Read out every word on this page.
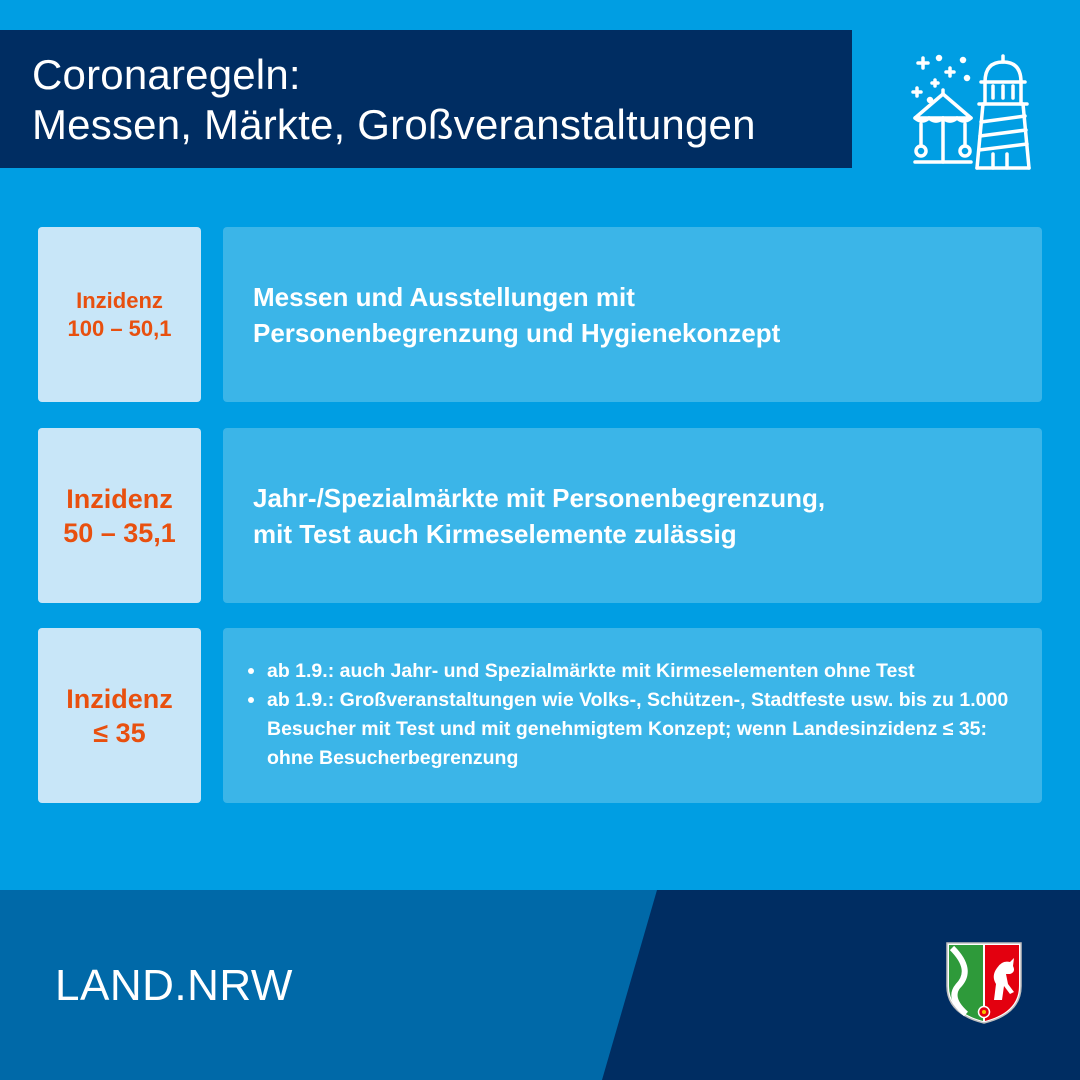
Coronaregeln:
Messen, Märkte, Großveranstaltungen
Inzidenz
100 – 50,1
Messen und Ausstellungen mit
Personenbegrenzung und Hygienekonzept
Inzidenz
50 – 35,1
Jahr-/Spezialmärkte mit Personenbegrenzung,
mit Test auch Kirmeselemente zulässig
Inzidenz
≤ 35
ab 1.9.: auch Jahr- und Spezialmärkte mit Kirmeselementen ohne Test
ab 1.9.: Großveranstaltungen wie Volks-, Schützen-, Stadtfeste usw. bis zu 1.000 Besucher mit Test und mit genehmigtem Konzept; wenn Landesinzidenz ≤ 35: ohne Besucherbegrenzung
LAND.NRW
